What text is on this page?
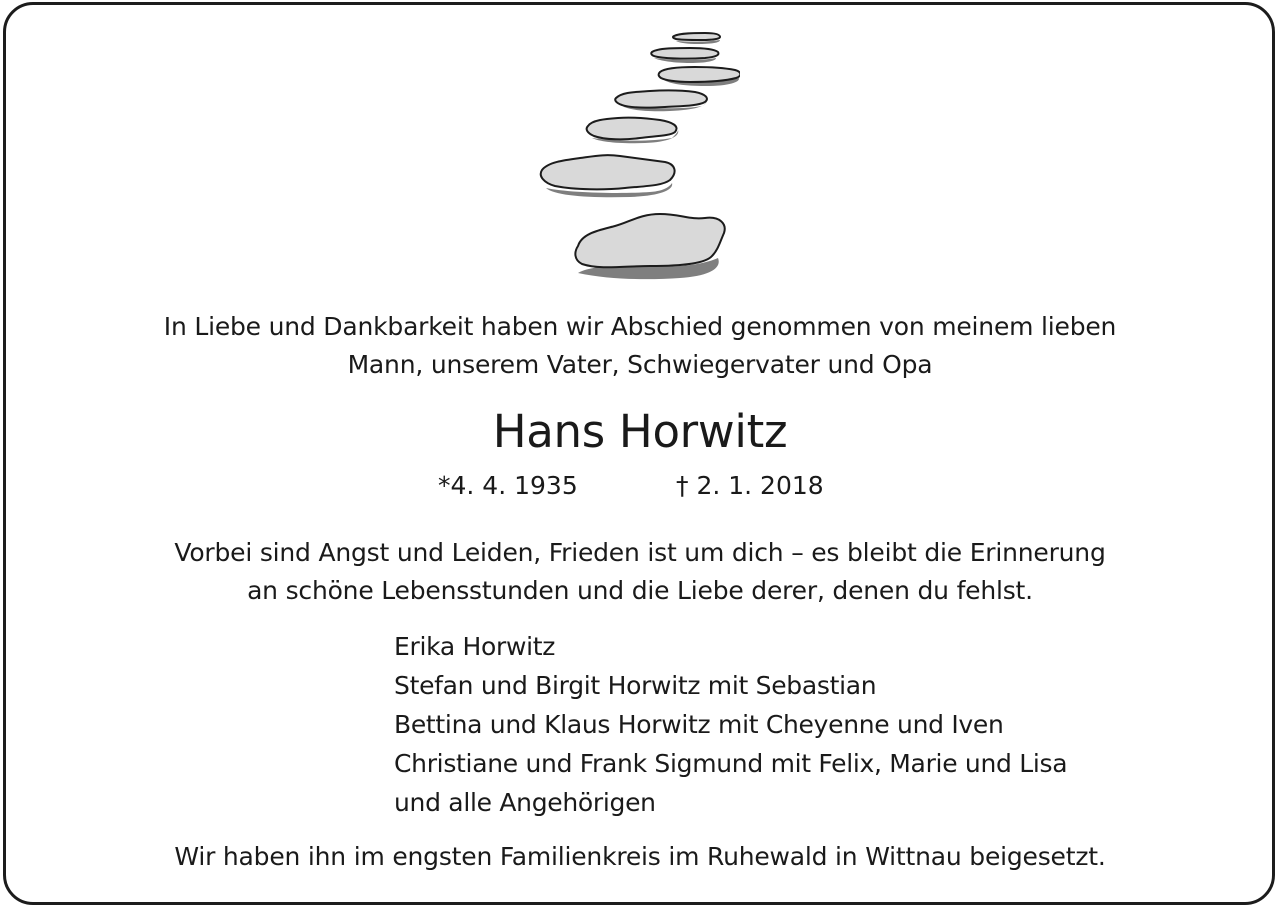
In Liebe und Dankbarkeit haben wir Abschied genommen von meinem lieben
Mann, unserem Vater, Schwiegervater und Opa
Hans Horwitz
*4. 4. 1935	† 2. 1. 2018
Vorbei sind Angst und Leiden, Frieden ist um dich – es bleibt die Erinnerung
an schöne Lebensstunden und die Liebe derer, denen du fehlst.
Erika Horwitz
Stefan und Birgit Horwitz mit Sebastian
Bettina und Klaus Horwitz mit Cheyenne und Iven
Christiane und Frank Sigmund mit Felix, Marie und Lisa
und alle Angehörigen
Wir haben ihn im engsten Familienkreis im Ruhewald in Wittnau beigesetzt.
